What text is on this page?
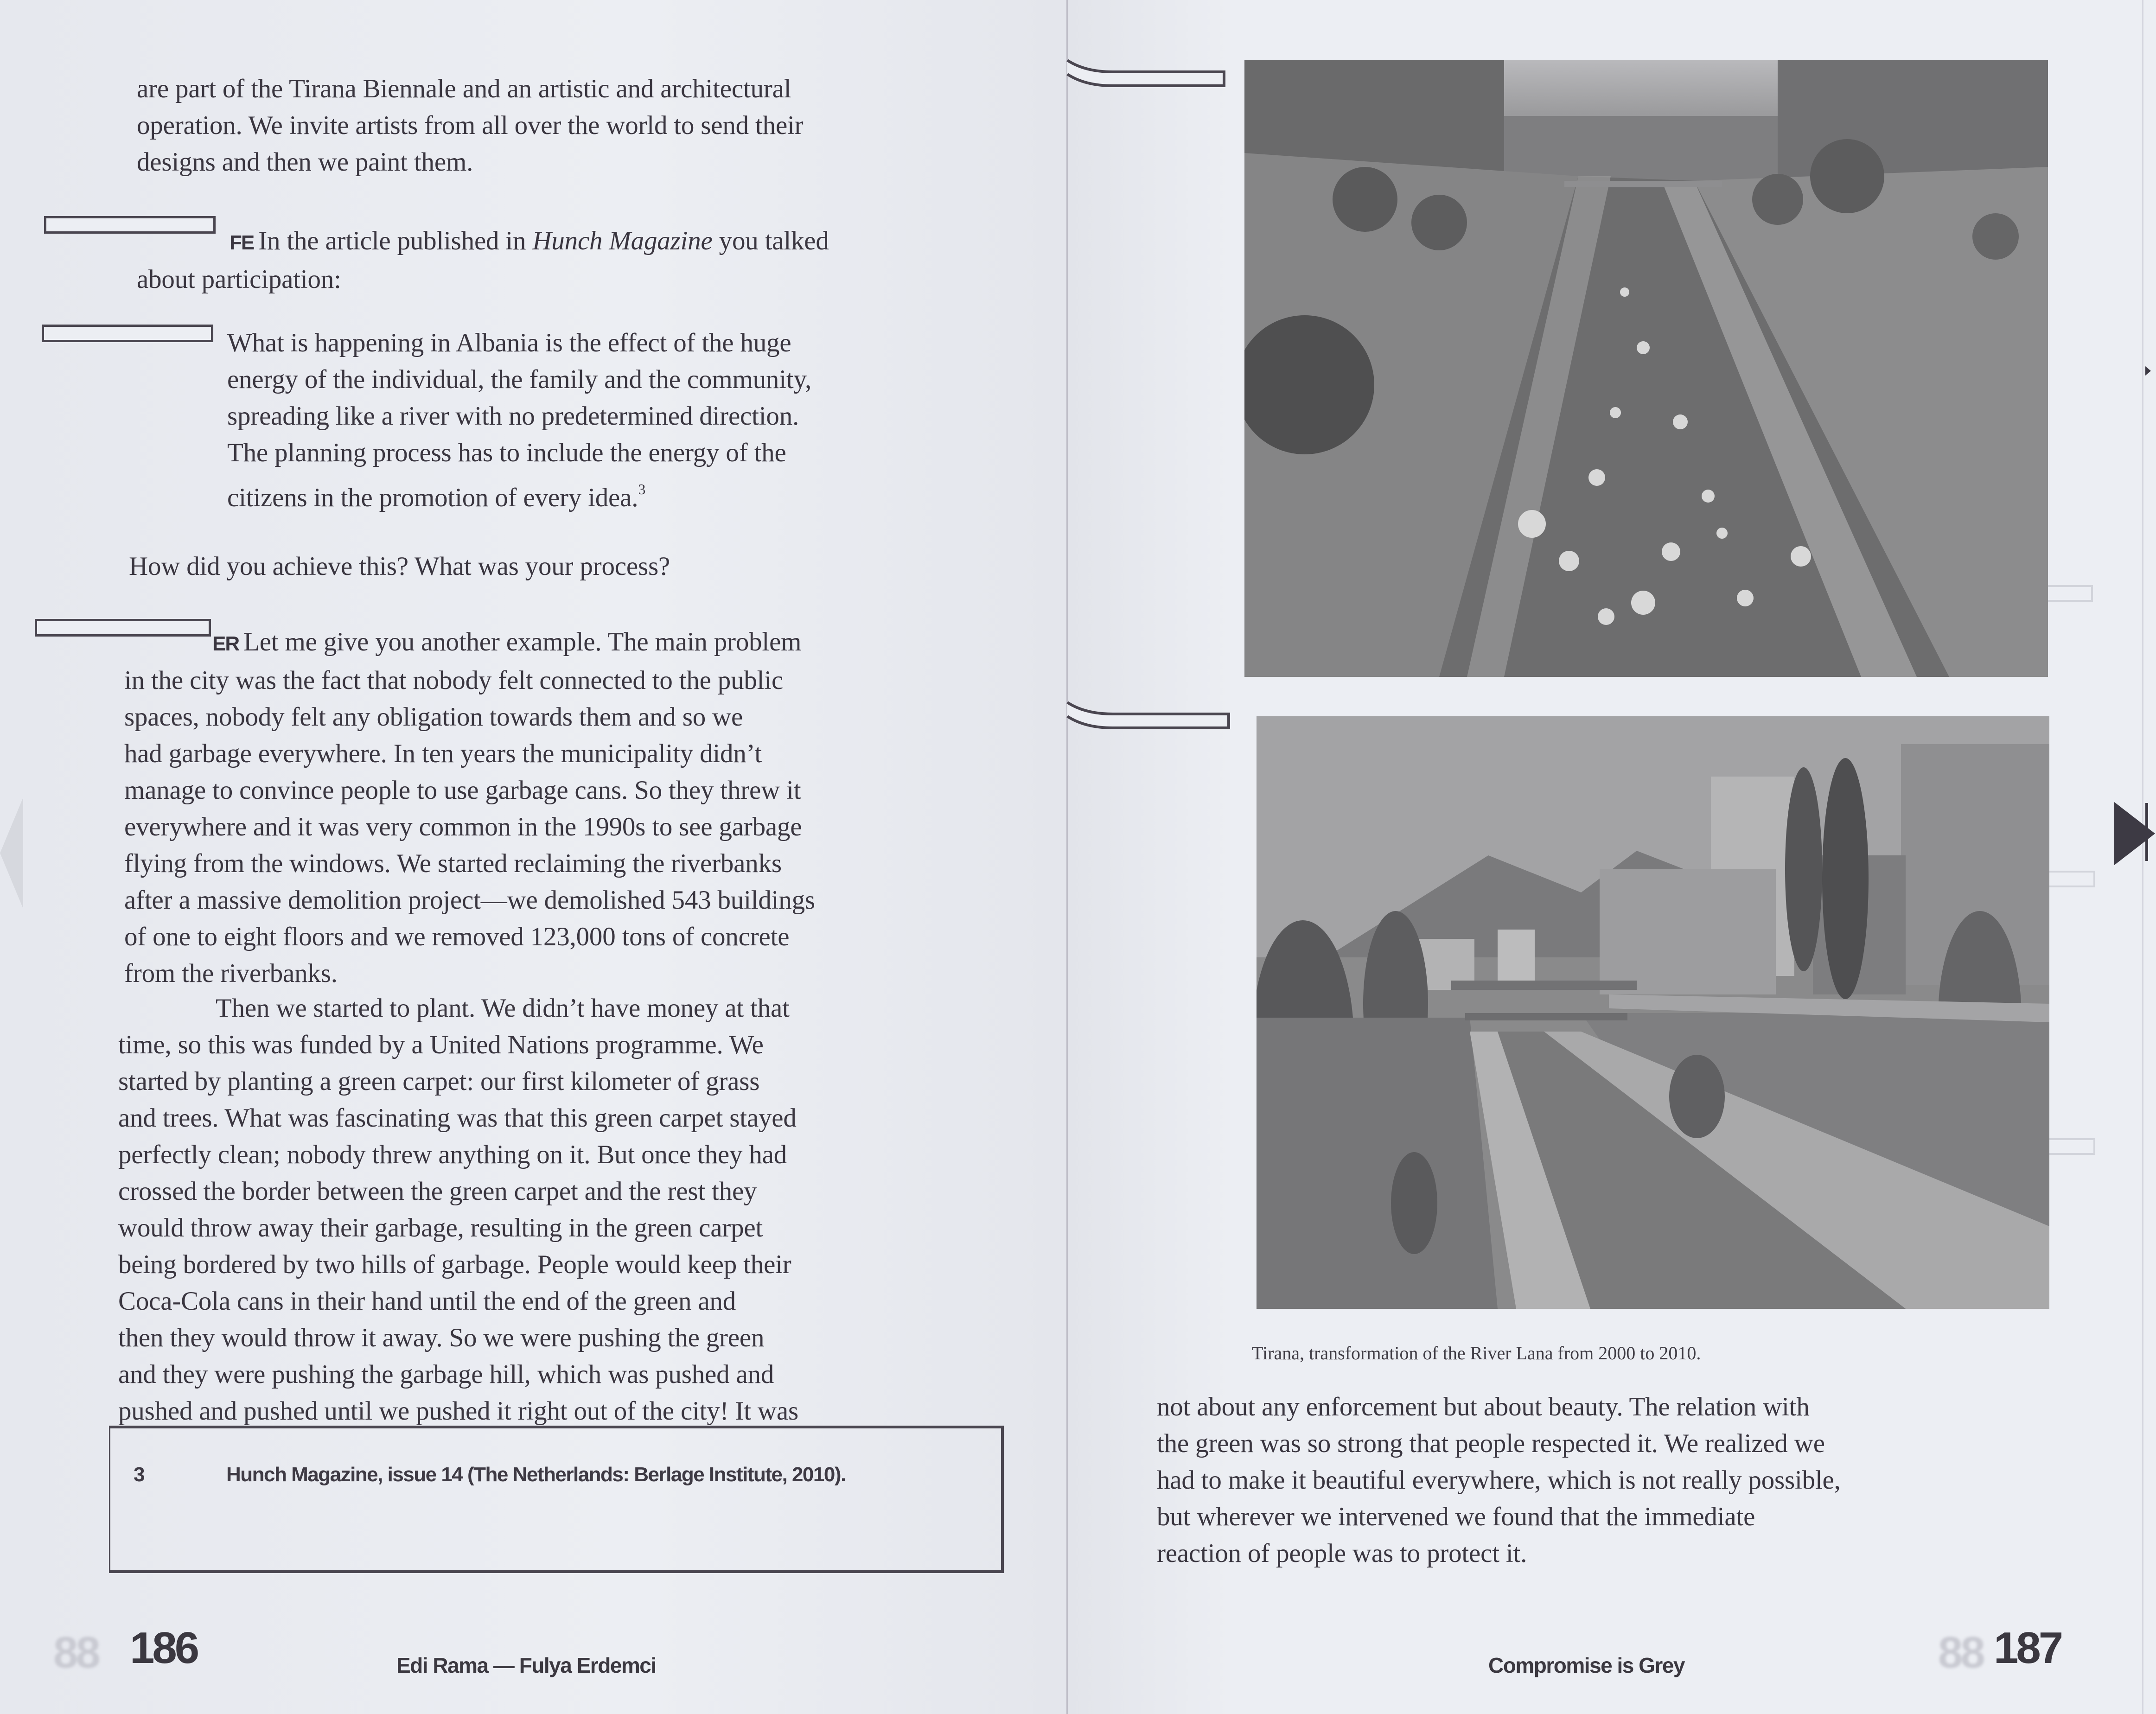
are part of the Tirana Biennale and an artistic and architectural
operation. We invite artists from all over the world to send their
designs and then we paint them.
FE In the article published in Hunch Magazine you talked
about participation:
What is happening in Albania is the effect of the huge
energy of the individual, the family and the community,
spreading like a river with no predetermined direction.
The planning process has to include the energy of the
citizens in the promotion of every idea.$^3$
How did you achieve this? What was your process?
ER Let me give you another example. The main problem
in the city was the fact that nobody felt connected to the public
spaces, nobody felt any obligation towards them and so we
had garbage everywhere. In ten years the municipality didn’t
manage to convince people to use garbage cans. So they threw it
everywhere and it was very common in the 1990s to see garbage
flying from the windows. We started reclaiming the riverbanks
after a massive demolition project—we demolished 543 buildings
of one to eight floors and we removed 123,000 tons of concrete
from the riverbanks.
Then we started to plant. We didn’t have money at that
time, so this was funded by a United Nations programme. We
started by planting a green carpet: our first kilometer of grass
and trees. What was fascinating was that this green carpet stayed
perfectly clean; nobody threw anything on it. But once they had
crossed the border between the green carpet and the rest they
would throw away their garbage, resulting in the green carpet
being bordered by two hills of garbage. People would keep their
Coca-Cola cans in their hand until the end of the green and
then they would throw it away. So we were pushing the green
and they were pushing the garbage hill, which was pushed and
pushed and pushed until we pushed it right out of the city! It was
3	Hunch Magazine, issue 14 (The Netherlands: Berlage Institute, 2010).
88 186	Edi Rama — Fulya Erdemci
Tirana, transformation of the River Lana from 2000 to 2010.
not about any enforcement but about beauty. The relation with
the green was so strong that people respected it. We realized we
had to make it beautiful everywhere, which is not really possible,
but wherever we intervened we found that the immediate
reaction of people was to protect it.
Compromise is Grey	88 187
